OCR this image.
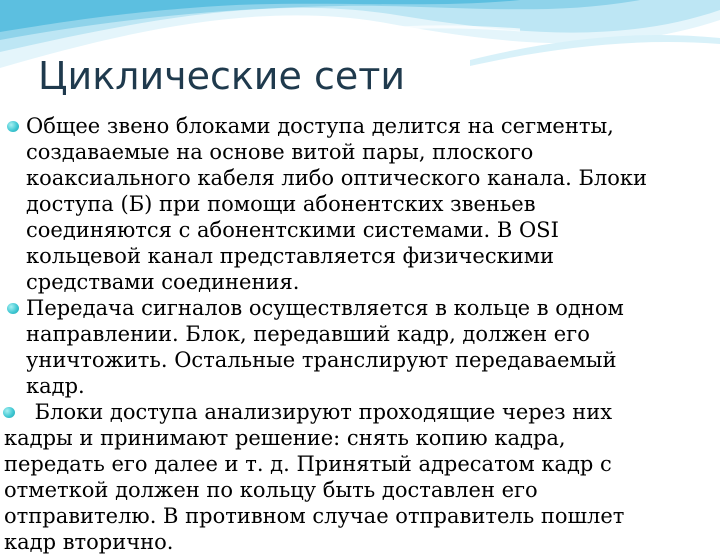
Циклические сети
Общее звено блоками доступа делится на сегменты,
создаваемые на основе витой пары, плоского
коаксиального кабеля либо оптического канала. Блоки
доступа (Б) при помощи абонентских звеньев
соединяются с абонентскими системами. В OSI
кольцевой канал представляется физическими
средствами соединения.
Передача сигналов осуществляется в кольце в одном
направлении. Блок, передавший кадр, должен его
уничтожить. Остальные транслируют передаваемый
кадр.
Блоки доступа анализируют проходящие через них
кадры и принимают решение: снять копию кадра,
передать его далее и т. д. Принятый адресатом кадр с
отметкой должен по кольцу быть доставлен его
отправителю. В противном случае отправитель пошлет
кадр вторично.
